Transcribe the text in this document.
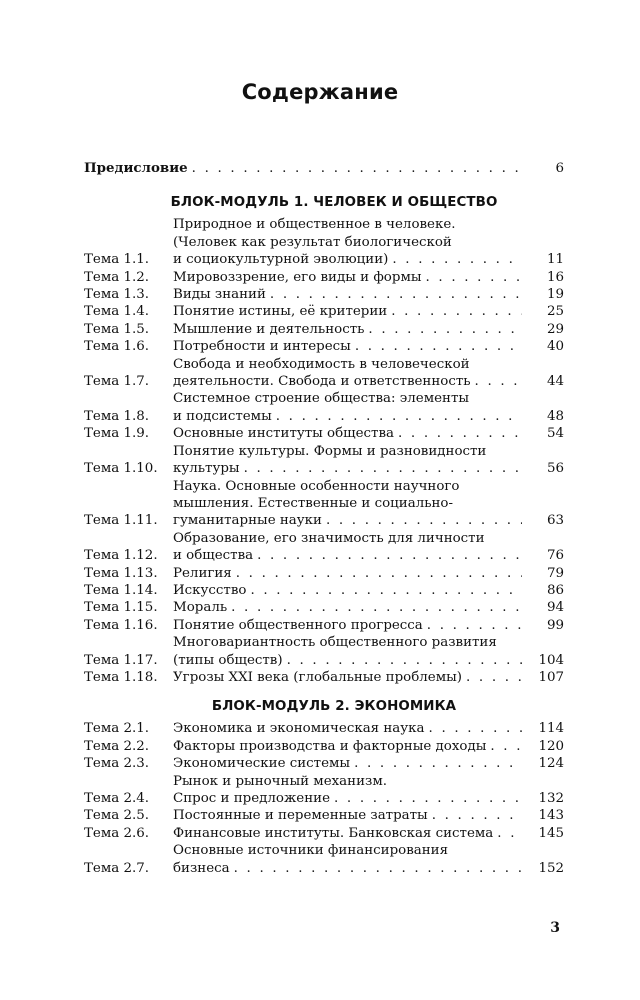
Содержание
Предисловие . . .	6
БЛОК-МОДУЛЬ 1. ЧЕЛОВЕК И ОБЩЕСТВО
Тема 1.1.
Природное и общественное в человеке.
(Человек как результат биологической
и социокультурной эволюции) . . .	11
Тема 1.2.	Мировоззрение, его виды и формы . . .	16
Тема 1.3.	Виды знаний . . .	19
Тема 1.4.	Понятие истины, её критерии . . .	25
Тема 1.5.	Мышление и деятельность . . .	29
Тема 1.6.	Потребности и интересы . . .	40
Тема 1.7.
Свобода и необходимость в человеческой
деятельности. Свобода и ответственность . . .	44
Тема 1.8.
Системное строение общества: элементы
и подсистемы . . .	48
Тема 1.9.	Основные институты общества . . .	54
Тема 1.10.
Понятие культуры. Формы и разновидности
культуры . . .	56
Тема 1.11.
Наука. Основные особенности научного
мышления. Естественные и социально-
гуманитарные науки . . .	63
Тема 1.12.
Образование, его значимость для личности
и общества . . .	76
Тема 1.13.	Религия . . .	79
Тема 1.14.	Искусство . . .	86
Тема 1.15.	Мораль . . .	94
Тема 1.16.	Понятие общественного прогресса . . .	99
Тема 1.17.
Многовариантность общественного развития
(типы обществ) . . .	104
Тема 1.18.	Угрозы XXI века (глобальные проблемы) . . .	107
БЛОК-МОДУЛЬ 2. ЭКОНОМИКА
Тема 2.1.	Экономика и экономическая наука . . .	114
Тема 2.2.	Факторы производства и факторные доходы . . .	120
Тема 2.3.	Экономические системы . . .	124
Тема 2.4.
Рынок и рыночный механизм.
Спрос и предложение . . .	132
Тема 2.5.	Постоянные и переменные затраты . . .	143
Тема 2.6.	Финансовые институты. Банковская система . . .	145
Тема 2.7.
Основные источники финансирования
бизнеса . . .	152
3
